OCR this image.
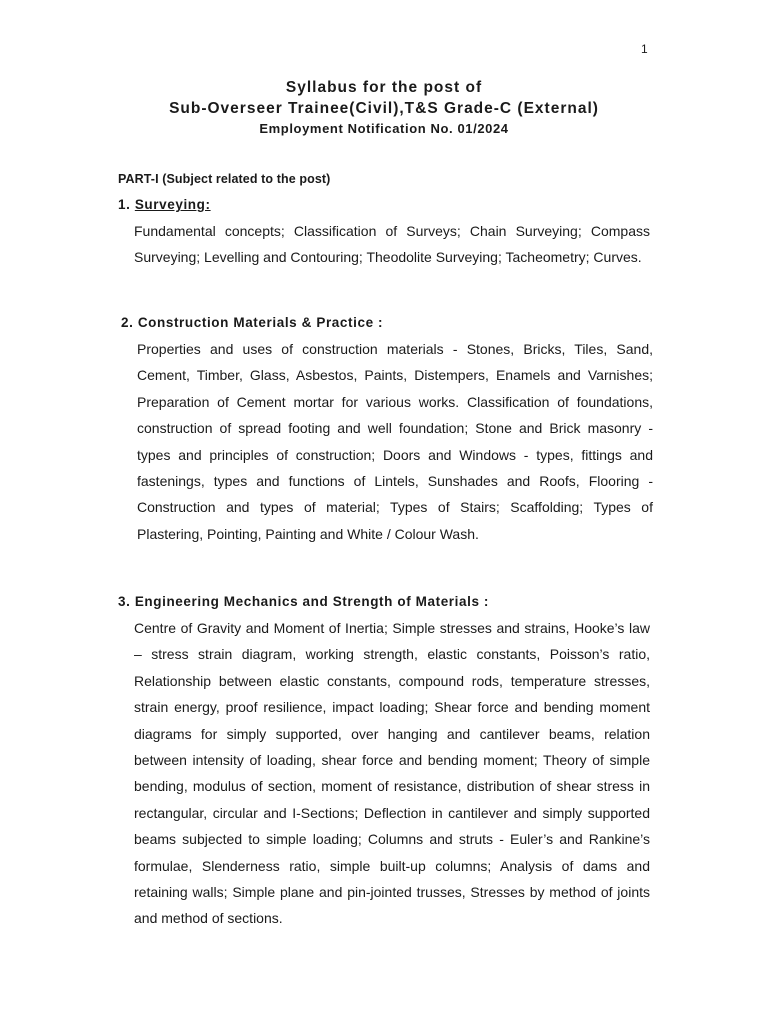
1
Syllabus for the post of
Sub-Overseer Trainee(Civil),T&S Grade-C (External)
Employment Notification No. 01/2024
PART-I (Subject related to the post)
1. Surveying:
Fundamental concepts; Classification of Surveys; Chain Surveying; Compass Surveying; Levelling and Contouring; Theodolite Surveying; Tacheometry; Curves.
2. Construction Materials & Practice :
Properties and uses of construction materials - Stones, Bricks, Tiles, Sand, Cement, Timber, Glass, Asbestos, Paints, Distempers, Enamels and Varnishes; Preparation of Cement mortar for various works. Classification of foundations, construction of spread footing and well foundation; Stone and Brick masonry - types and principles of construction; Doors and Windows - types, fittings and fastenings, types and functions of Lintels, Sunshades and Roofs, Flooring - Construction and types of material; Types of Stairs; Scaffolding; Types of Plastering, Pointing, Painting and White / Colour Wash.
3. Engineering Mechanics and Strength of Materials :
Centre of Gravity and Moment of Inertia; Simple stresses and strains, Hooke’s law – stress strain diagram, working strength, elastic constants, Poisson’s ratio, Relationship between elastic constants, compound rods, temperature stresses, strain energy, proof resilience, impact loading; Shear force and bending moment diagrams for simply supported, over hanging and cantilever beams, relation between intensity of loading, shear force and bending moment; Theory of simple bending, modulus of section, moment of resistance, distribution of shear stress in rectangular, circular and I-Sections; Deflection in cantilever and simply supported beams subjected to simple loading; Columns and struts - Euler’s and Rankine’s formulae, Slenderness ratio, simple built-up columns; Analysis of dams and retaining walls; Simple plane and pin-jointed trusses, Stresses by method of joints and method of sections.
